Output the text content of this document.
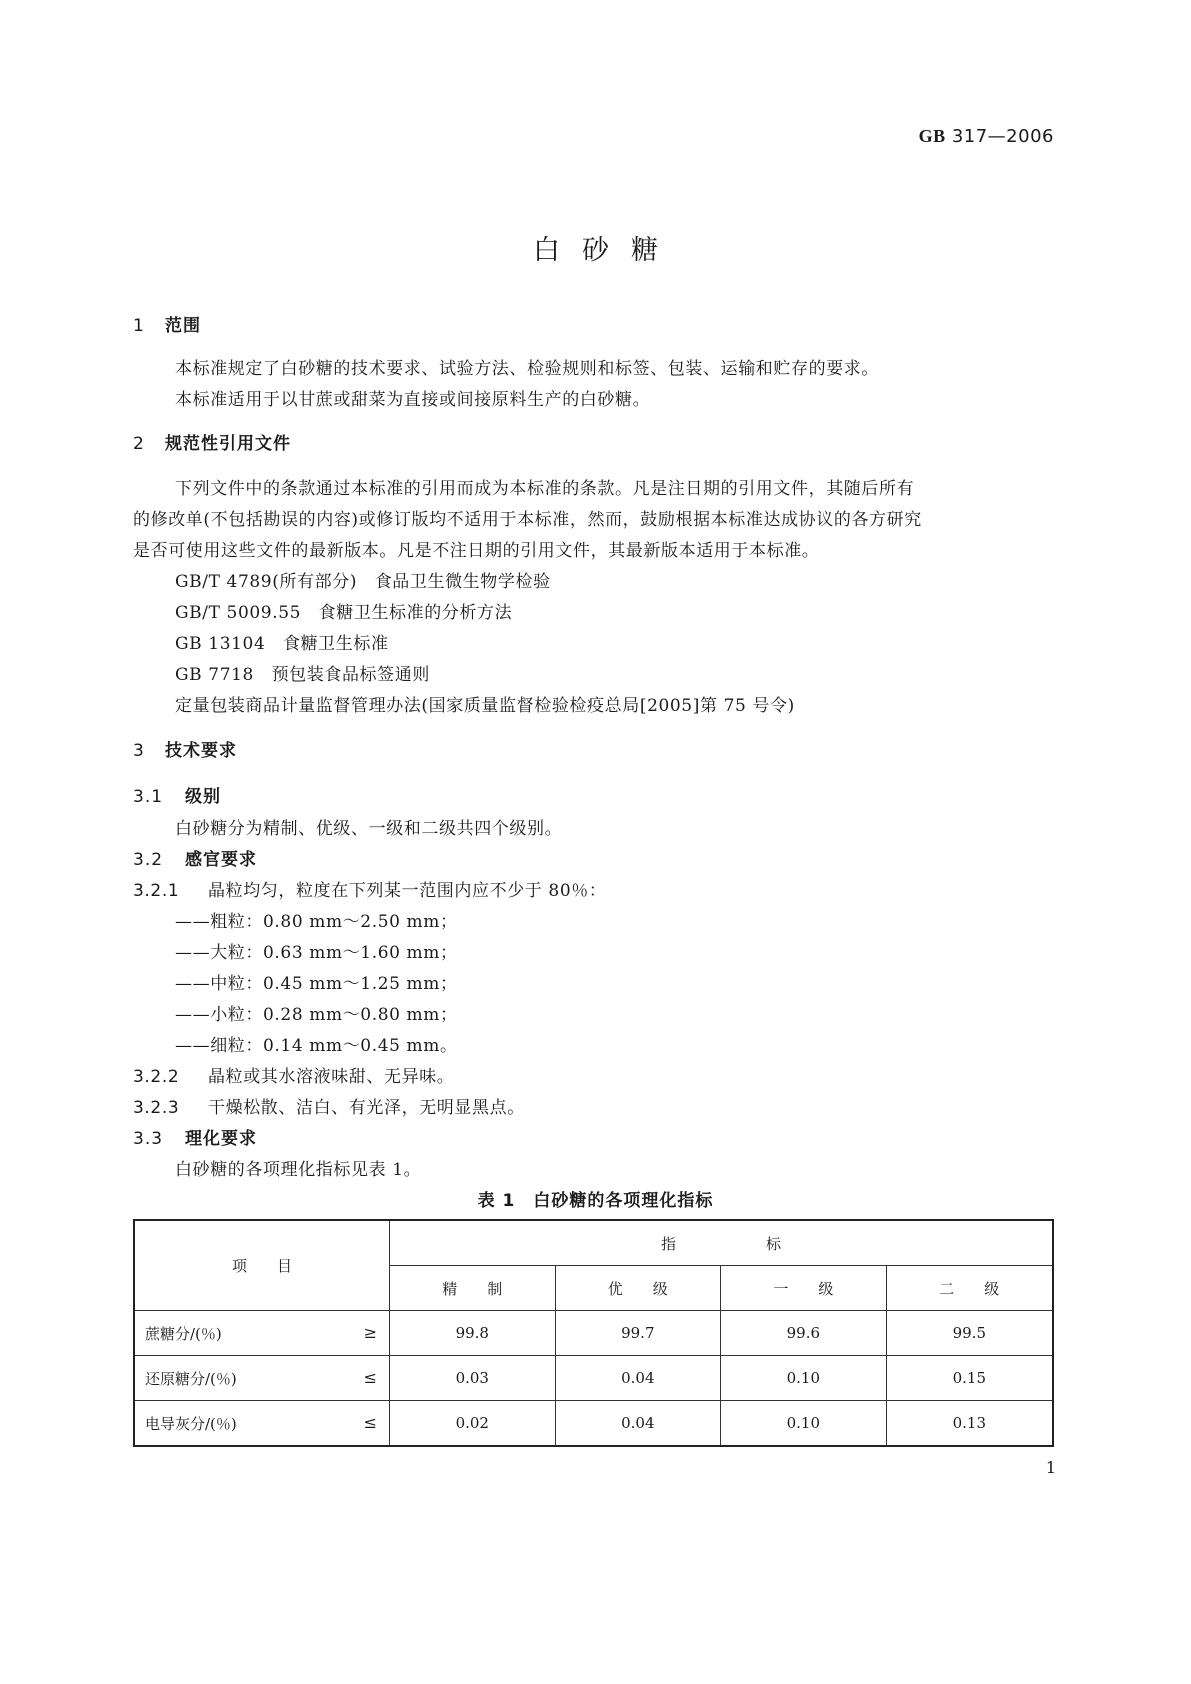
GB 317—2006
白砂糖
1 范围
本标准规定了白砂糖的技术要求、试验方法、检验规则和标签、包装、运输和贮存的要求。
本标准适用于以甘蔗或甜菜为直接或间接原料生产的白砂糖。
2 规范性引用文件
下列文件中的条款通过本标准的引用而成为本标准的条款。凡是注日期的引用文件，其随后所有
的修改单(不包括勘误的内容)或修订版均不适用于本标准，然而，鼓励根据本标准达成协议的各方研究
是否可使用这些文件的最新版本。凡是不注日期的引用文件，其最新版本适用于本标准。
GB/T 4789(所有部分)　 食品卫生微生物学检验
GB/T 5009.55　 食糖卫生标准的分析方法
GB 13104　 食糖卫生标准
GB 7718　 预包装食品标签通则
定量包装商品计量监督管理办法(国家质量监督检验检疫总局[2005]第 75 号令)
3 技术要求
3.1 级别
白砂糖分为精制、优级、一级和二级共四个级别。
3.2 感官要求
3.2.1 晶粒均匀，粒度在下列某一范围内应不少于 80％：
——粗粒：0.80 mm～2.50 mm；
——大粒：0.63 mm～1.60 mm；
——中粒：0.45 mm～1.25 mm；
——小粒：0.28 mm～0.80 mm；
——细粒：0.14 mm～0.45 mm。
3.2.2 晶粒或其水溶液味甜、无异味。
3.2.3 干燥松散、洁白、有光泽，无明显黑点。
3.3 理化要求
白砂糖的各项理化指标见表 1。
表 1　白砂糖的各项理化指标
项　　目	指　　　　　　标			
	精　　制	优　　级	一　　级	二　　级
蔗糖分/(％) ≥	99.8	99.7	99.6	99.5
还原糖分/(％) ≤	0.03	0.04	0.10	0.15
电导灰分/(％) ≤	0.02	0.04	0.10	0.13
1
